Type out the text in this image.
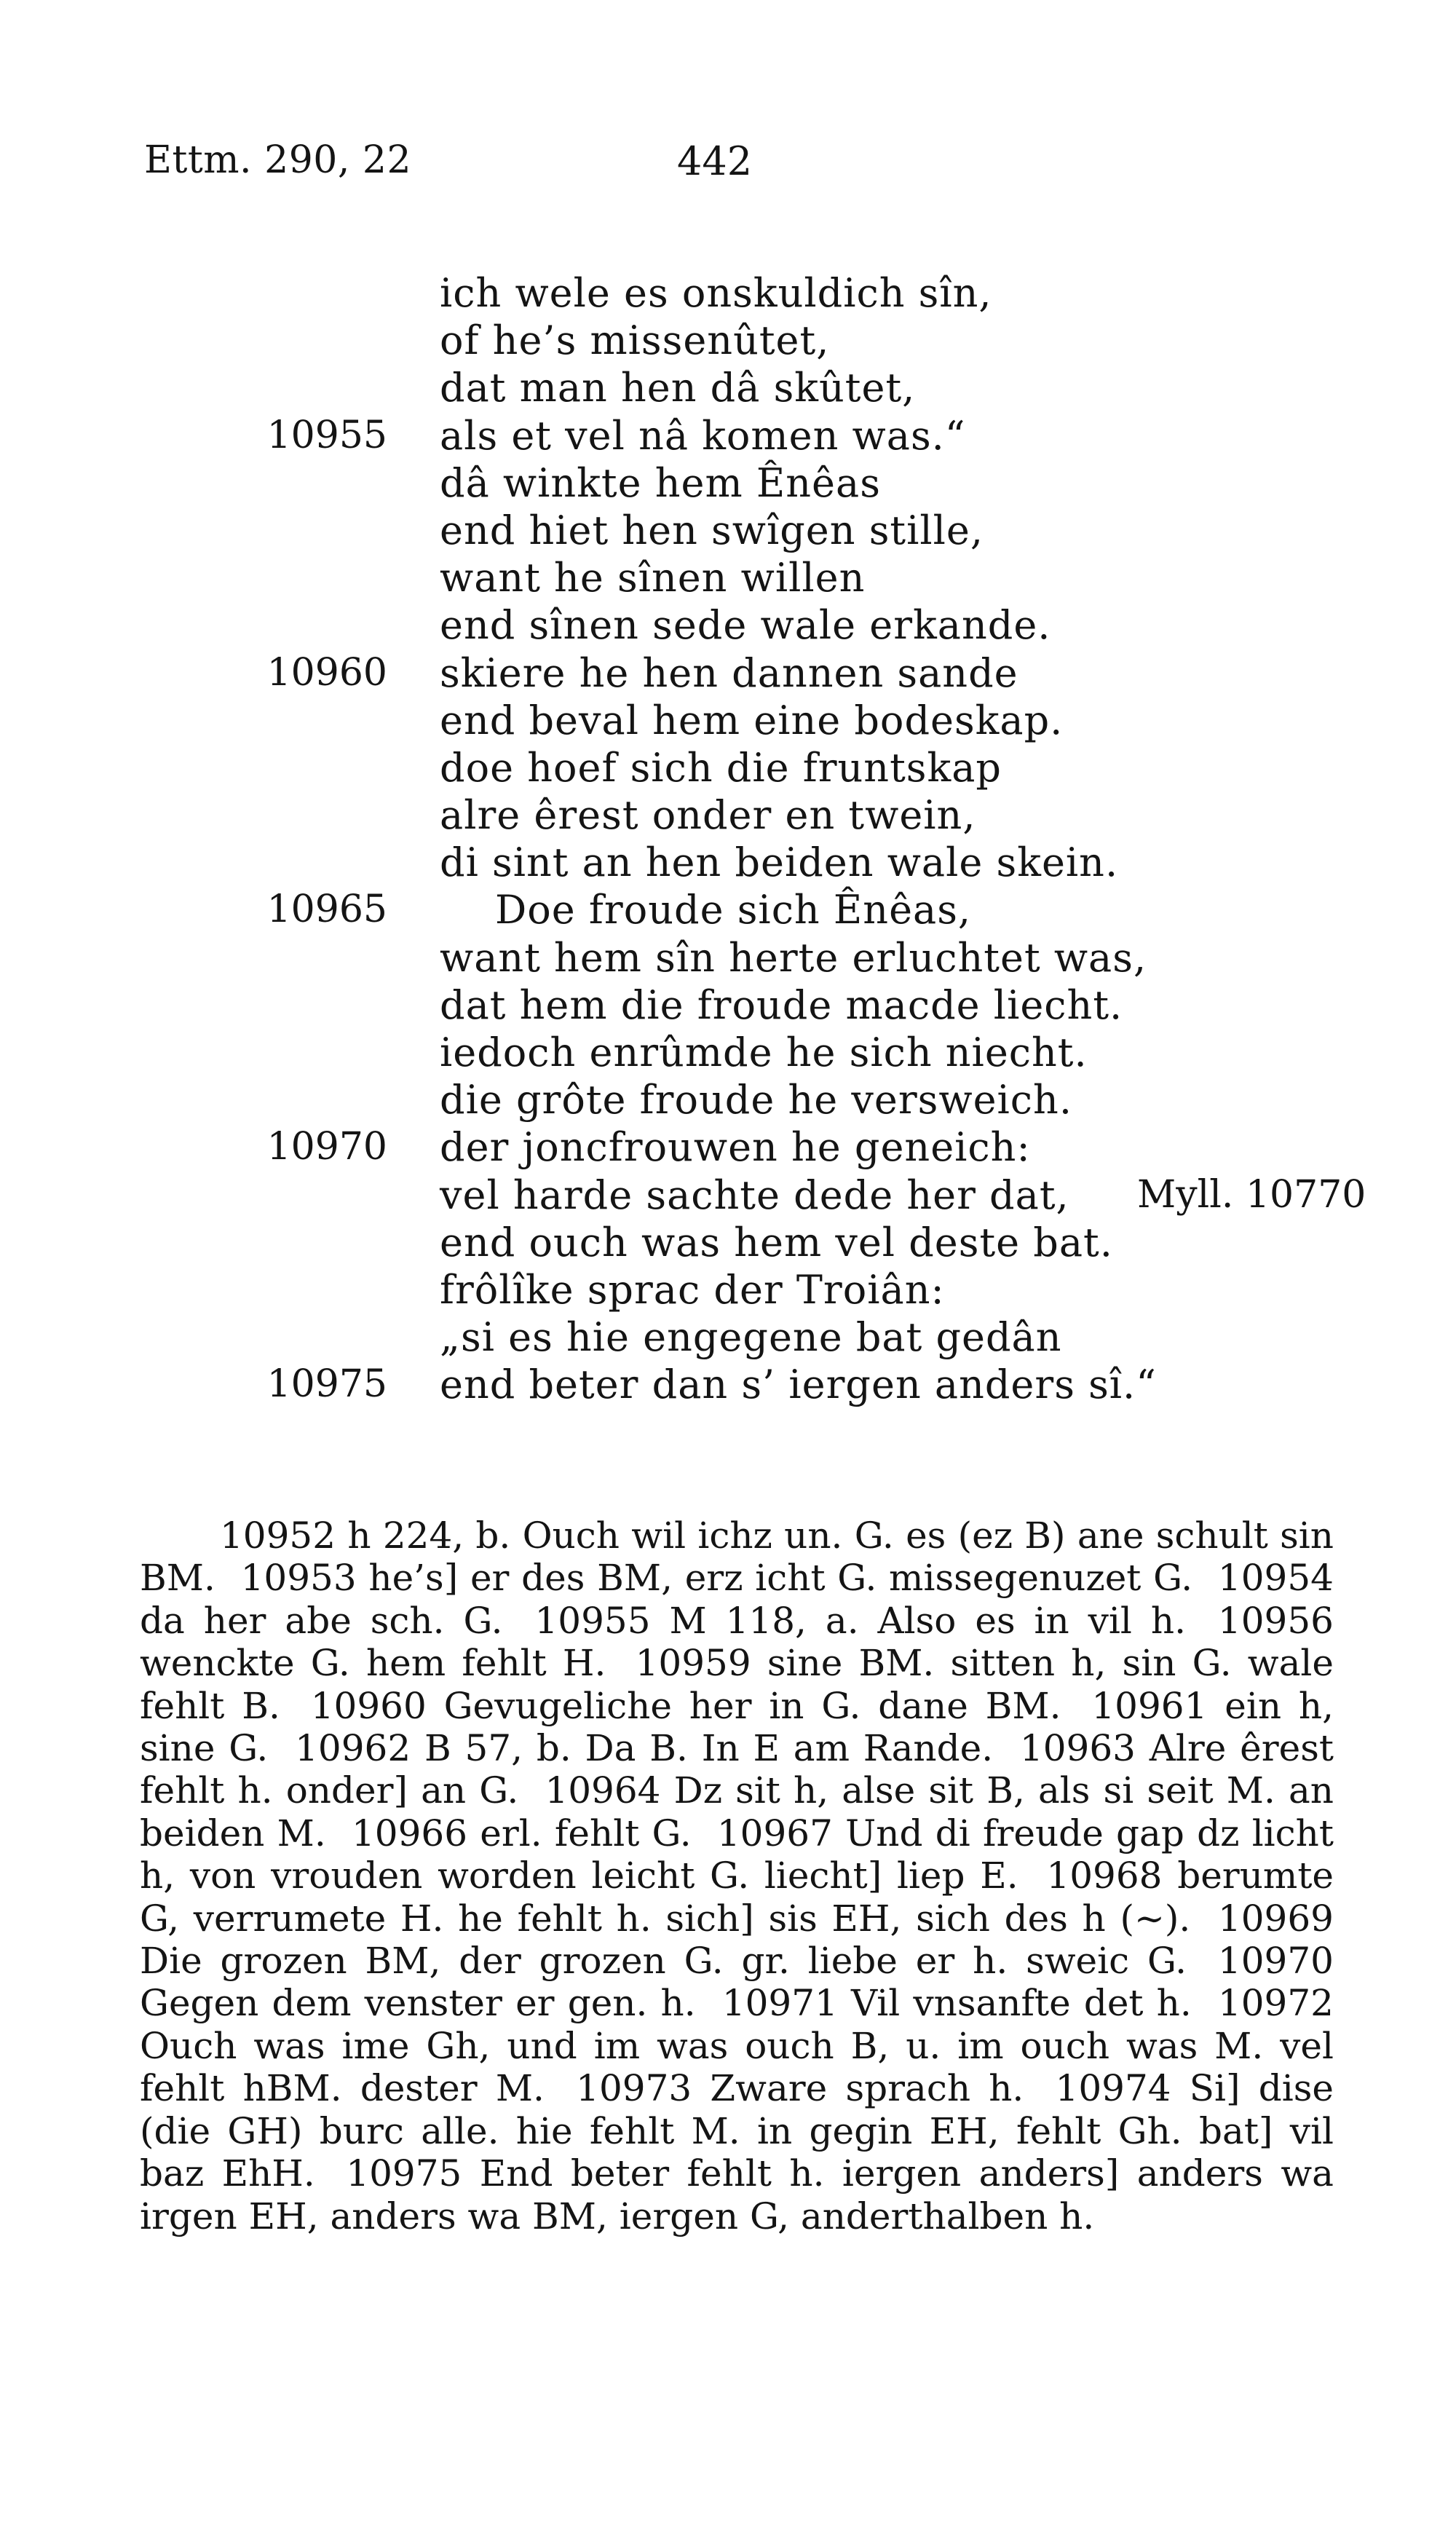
Ettm. 290, 22	442
ich wele es onskuldich sîn,
of he’s missenûtet,
dat man hen dâ skûtet,
10955 als et vel nâ komen was.“
dâ winkte hem Ênêas
end hiet hen swîgen stille,
want he sînen willen
end sînen sede wale erkande.
10960 skiere he hen dannen sande
end beval hem eine bodeskap.
doe hoef sich die fruntskap
alre êrest onder en twein,
di sint an hen beiden wale skein.
10965	Doe froude sich Ênêas,
want hem sîn herte erluchtet was,
dat hem die froude macde liecht.
iedoch enrûmde he sich niecht.
die grôte froude he versweich.
10970 der joncfrouwen he geneich:
vel harde sachte dede her dat, Myll. 10770
end ouch was hem vel deste bat.
frôlîke sprac der Troiân:
„si es hie engegene bat gedân
10975 end beter dan s’ iergen anders sî.“

10952 h 224, b. Ouch wil ichz un. G. es (ez B) ane schult sin BM. 10953 he’s] er des BM, erz icht G. missegenuzet G. 10954 da her abe sch. G. 10955 M 118, a. Also es in vil h. 10956 wenckte G. hem fehlt H. 10959 sine BM. sitten h, sin G. wale fehlt B. 10960 Gevugeliche her in G. dane BM. 10961 ein h, sine G. 10962 B 57, b. Da B. In E am Rande. 10963 Alre êrest fehlt h. onder] an G. 10964 Dz sit h, alse sit B, als si seit M. an beiden M. 10966 erl. fehlt G. 10967 Und di freude gap dz licht h, von vrouden worden leicht G. liecht] liep E. 10968 berumte G, verrumete H. he fehlt h. sich] sis EH, sich des h (∼). 10969 Die grozen BM, der grozen G. gr. liebe er h. sweic G. 10970 Gegen dem venster er gen. h. 10971 Vil vnsanfte det h. 10972 Ouch was ime Gh, und im was ouch B, u. im ouch was M. vel fehlt hBM. dester M. 10973 Zware sprach h. 10974 Si] dise (die GH) burc alle. hie fehlt M. in gegin EH, fehlt Gh. bat] vil baz EhH. 10975 End beter fehlt h. iergen anders] anders wa irgen EH, anders wa BM, iergen G, anderthalben h.
